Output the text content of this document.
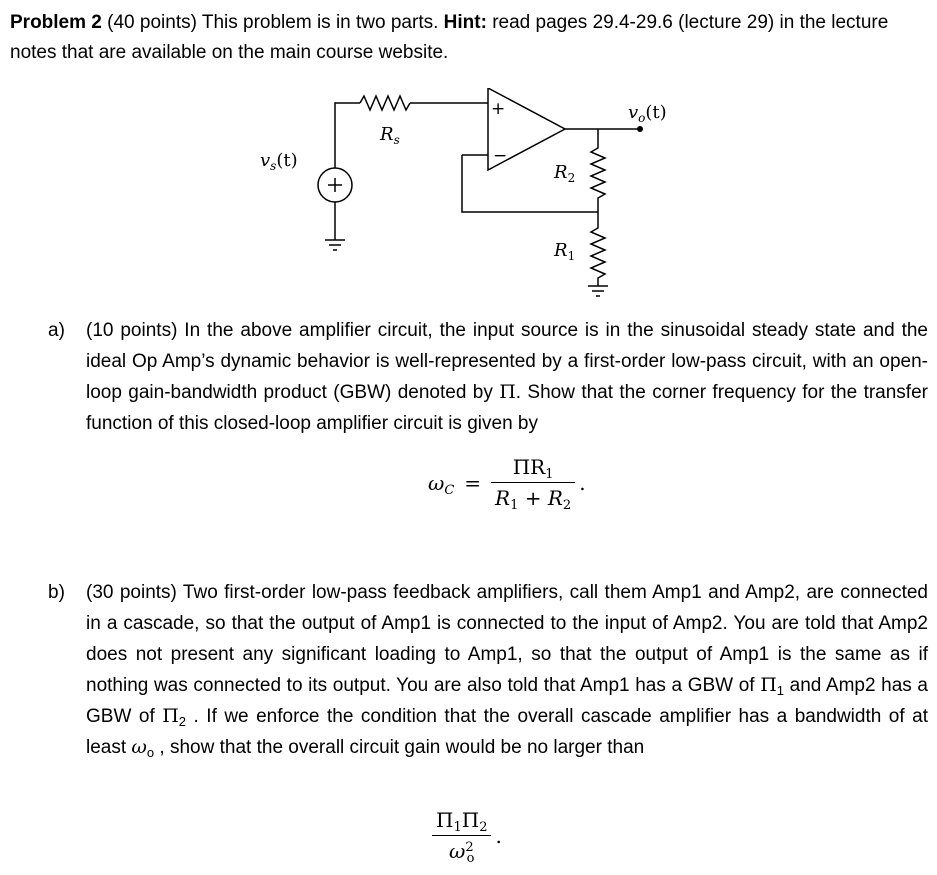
Problem 2 (40 points) This problem is in two parts. Hint: read pages 29.4-29.6 (lecture 29) in the lecture notes that are available on the main course website.
+
−
$R_s$
$v_s(t)$
$v_o(t)$
$R_2$
$R_1$
a) (10 points) In the above amplifier circuit, the input source is in the sinusoidal steady state and the ideal Op Amp’s dynamic behavior is well-represented by a first-order low-pass circuit, with an open-loop gain-bandwidth product (GBW) denoted by Π. Show that the corner frequency for the transfer function of this closed-loop amplifier circuit is given by
$\omega_C = \frac{\Pi R_1}{R_1 + R_2}$ .
b) (30 points) Two first-order low-pass feedback amplifiers, call them Amp1 and Amp2, are connected in a cascade, so that the output of Amp1 is connected to the input of Amp2. You are told that Amp2 does not present any significant loading to Amp1, so that the output of Amp1 is the same as if nothing was connected to its output. You are also told that Amp1 has a GBW of $\Pi_1$ and Amp2 has a GBW of $\Pi_2$ . If we enforce the condition that the overall cascade amplifier has a bandwidth of at least $\omega_o$ , show that the overall circuit gain would be no larger than
$\frac{\Pi_1\Pi_2}{\omega^2_o}$ .
